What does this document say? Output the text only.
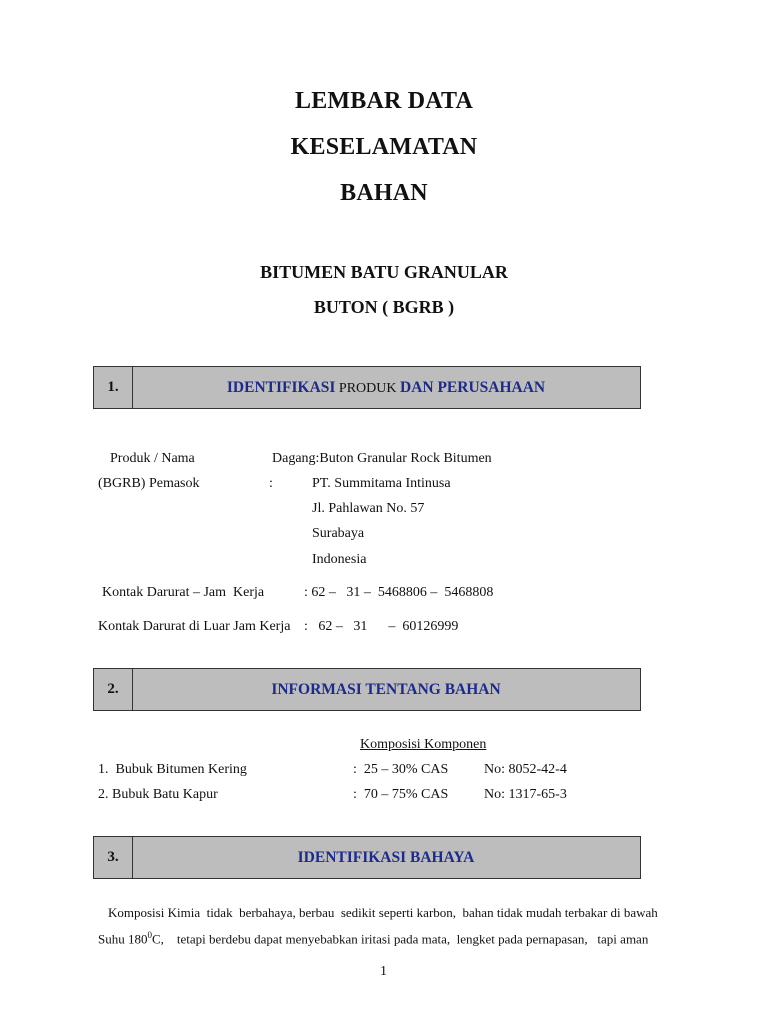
LEMBAR DATA
KESELAMATAN
BAHAN
BITUMEN BATU GRANULAR
BUTON ( BGRB )
1.	IDENTIFIKASI PRODUK DAN PERUSAHAAN
Produk / Nama	Dagang:Buton Granular Rock Bitumen
(BGRB) Pemasok	:	PT. Summitama Intinusa
Jl. Pahlawan No. 57
Surabaya
Indonesia
Kontak Darurat – Jam  Kerja	: 62 –   31 –  5468806 –  5468808
Kontak Darurat di Luar Jam Kerja :   62 –   31      –  60126999
2.	INFORMASI TENTANG BAHAN
Komposisi Komponen
1.  Bubuk Bitumen Kering	:  25 – 30% CAS	No: 8052-42-4
2. Bubuk Batu Kapur	:  70 – 75% CAS	No: 1317-65-3
3.	IDENTIFIKASI BAHAYA
Komposisi Kimia  tidak  berbahaya, berbau  sedikit seperti karbon,  bahan tidak mudah terbakar di bawah
Suhu $180^0C$,    tetapi berdebu dapat menyebabkan iritasi pada mata,  lengket pada pernapasan,   tapi aman
1
